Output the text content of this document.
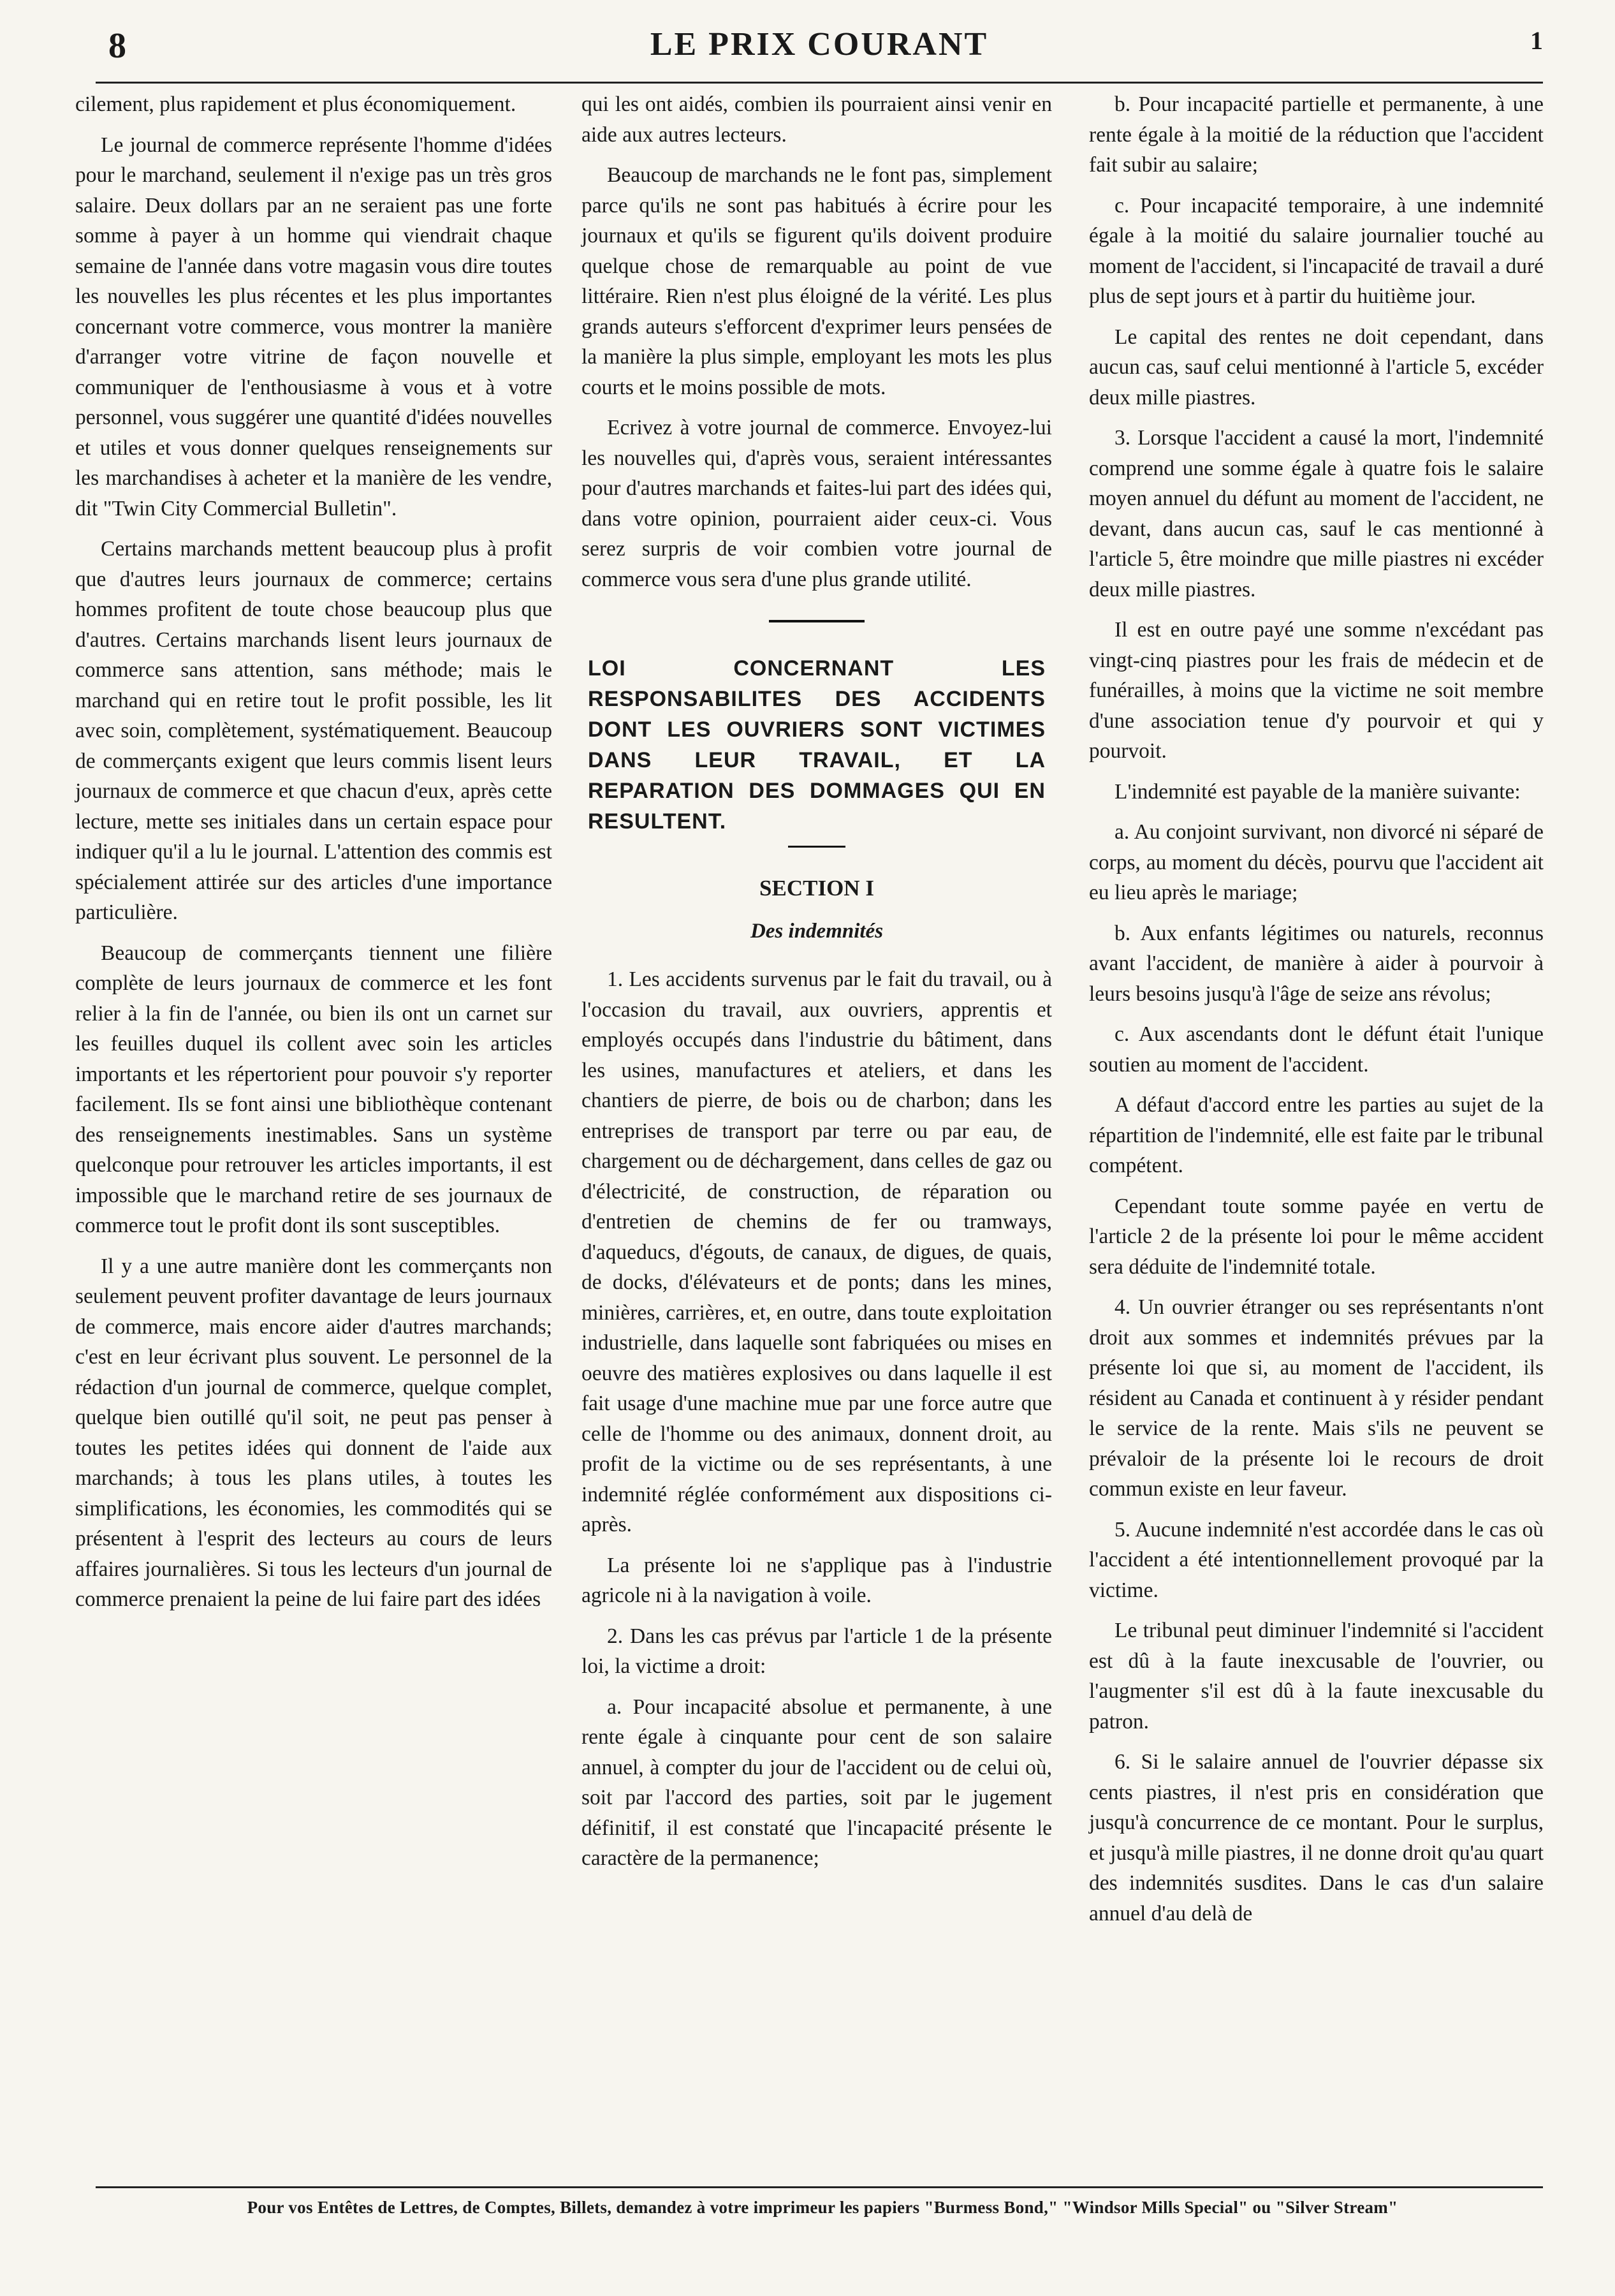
8	LE PRIX COURANT	1

cilement, plus rapidement et plus économiquement.

Le journal de commerce représente l'homme d'idées pour le marchand, seulement il n'exige pas un très gros salaire. Deux dollars par an ne seraient pas une forte somme à payer à un homme qui viendrait chaque semaine de l'année dans votre magasin vous dire toutes les nouvelles les plus récentes et les plus importantes concernant votre commerce, vous montrer la manière d'arranger votre vitrine de façon nouvelle et communiquer de l'enthousiasme à vous et à votre personnel, vous suggérer une quantité d'idées nouvelles et utiles et vous donner quelques renseignements sur les marchandises à acheter et la manière de les vendre, dit "Twin City Commercial Bulletin".

Certains marchands mettent beaucoup plus à profit que d'autres leurs journaux de commerce; certains hommes profitent de toute chose beaucoup plus que d'autres. Certains marchands lisent leurs journaux de commerce sans attention, sans méthode; mais le marchand qui en retire tout le profit possible, les lit avec soin, complètement, systématiquement. Beaucoup de commerçants exigent que leurs commis lisent leurs journaux de commerce et que chacun d'eux, après cette lecture, mette ses initiales dans un certain espace pour indiquer qu'il a lu le journal. L'attention des commis est spécialement attirée sur des articles d'une importance particulière.

Beaucoup de commerçants tiennent une filière complète de leurs journaux de commerce et les font relier à la fin de l'année, ou bien ils ont un carnet sur les feuilles duquel ils collent avec soin les articles importants et les répertorient pour pouvoir s'y reporter facilement. Ils se font ainsi une bibliothèque contenant des renseignements inestimables. Sans un système quelconque pour retrouver les articles importants, il est impossible que le marchand retire de ses journaux de commerce tout le profit dont ils sont susceptibles.

Il y a une autre manière dont les commerçants non seulement peuvent profiter davantage de leurs journaux de commerce, mais encore aider d'autres marchands; c'est en leur écrivant plus souvent. Le personnel de la rédaction d'un journal de commerce, quelque complet, quelque bien outillé qu'il soit, ne peut pas penser à toutes les petites idées qui donnent de l'aide aux marchands; à tous les plans utiles, à toutes les simplifications, les économies, les commodités qui se présentent à l'esprit des lecteurs au cours de leurs affaires journalières. Si tous les lecteurs d'un journal de commerce prenaient la peine de lui faire part des idées

qui les ont aidés, combien ils pourraient ainsi venir en aide aux autres lecteurs.

Beaucoup de marchands ne le font pas, simplement parce qu'ils ne sont pas habitués à écrire pour les journaux et qu'ils se figurent qu'ils doivent produire quelque chose de remarquable au point de vue littéraire. Rien n'est plus éloigné de la vérité. Les plus grands auteurs s'efforcent d'exprimer leurs pensées de la manière la plus simple, employant les mots les plus courts et le moins possible de mots.

Ecrivez à votre journal de commerce. Envoyez-lui les nouvelles qui, d'après vous, seraient intéressantes pour d'autres marchands et faites-lui part des idées qui, dans votre opinion, pourraient aider ceux-ci. Vous serez surpris de voir combien votre journal de commerce vous sera d'une plus grande utilité.

LOI CONCERNANT LES RESPONSABILITES DES ACCIDENTS DONT LES OUVRIERS SONT VICTIMES DANS LEUR TRAVAIL, ET LA REPARATION DES DOMMAGES QUI EN RESULTENT.
SECTION I
Des indemnités

1. Les accidents survenus par le fait du travail, ou à l'occasion du travail, aux ouvriers, apprentis et employés occupés dans l'industrie du bâtiment, dans les usines, manufactures et ateliers, et dans les chantiers de pierre, de bois ou de charbon; dans les entreprises de transport par terre ou par eau, de chargement ou de déchargement, dans celles de gaz ou d'électricité, de construction, de réparation ou d'entretien de chemins de fer ou tramways, d'aqueducs, d'égouts, de canaux, de digues, de quais, de docks, d'élévateurs et de ponts; dans les mines, minières, carrières, et, en outre, dans toute exploitation industrielle, dans laquelle sont fabriquées ou mises en oeuvre des matières explosives ou dans laquelle il est fait usage d'une machine mue par une force autre que celle de l'homme ou des animaux, donnent droit, au profit de la victime ou de ses représentants, à une indemnité réglée conformément aux dispositions ci-après.

La présente loi ne s'applique pas à l'industrie agricole ni à la navigation à voile.

2. Dans les cas prévus par l'article 1 de la présente loi, la victime a droit:

a. Pour incapacité absolue et permanente, à une rente égale à cinquante pour cent de son salaire annuel, à compter du jour de l'accident ou de celui où, soit par l'accord des parties, soit par le jugement définitif, il est constaté que l'incapacité présente le caractère de la permanence;

b. Pour incapacité partielle et permanente, à une rente égale à la moitié de la réduction que l'accident fait subir au salaire;

c. Pour incapacité temporaire, à une indemnité égale à la moitié du salaire journalier touché au moment de l'accident, si l'incapacité de travail a duré plus de sept jours et à partir du huitième jour.

Le capital des rentes ne doit cependant, dans aucun cas, sauf celui mentionné à l'article 5, excéder deux mille piastres.

3. Lorsque l'accident a causé la mort, l'indemnité comprend une somme égale à quatre fois le salaire moyen annuel du défunt au moment de l'accident, ne devant, dans aucun cas, sauf le cas mentionné à l'article 5, être moindre que mille piastres ni excéder deux mille piastres.

Il est en outre payé une somme n'excédant pas vingt-cinq piastres pour les frais de médecin et de funérailles, à moins que la victime ne soit membre d'une association tenue d'y pourvoir et qui y pourvoit.

L'indemnité est payable de la manière suivante:

a. Au conjoint survivant, non divorcé ni séparé de corps, au moment du décès, pourvu que l'accident ait eu lieu après le mariage;

b. Aux enfants légitimes ou naturels, reconnus avant l'accident, de manière à aider à pourvoir à leurs besoins jusqu'à l'âge de seize ans révolus;

c. Aux ascendants dont le défunt était l'unique soutien au moment de l'accident.

A défaut d'accord entre les parties au sujet de la répartition de l'indemnité, elle est faite par le tribunal compétent.

Cependant toute somme payée en vertu de l'article 2 de la présente loi pour le même accident sera déduite de l'indemnité totale.

4. Un ouvrier étranger ou ses représentants n'ont droit aux sommes et indemnités prévues par la présente loi que si, au moment de l'accident, ils résident au Canada et continuent à y résider pendant le service de la rente. Mais s'ils ne peuvent se prévaloir de la présente loi le recours de droit commun existe en leur faveur.

5. Aucune indemnité n'est accordée dans le cas où l'accident a été intentionnellement provoqué par la victime.

Le tribunal peut diminuer l'indemnité si l'accident est dû à la faute inexcusable de l'ouvrier, ou l'augmenter s'il est dû à la faute inexcusable du patron.

6. Si le salaire annuel de l'ouvrier dépasse six cents piastres, il n'est pris en considération que jusqu'à concurrence de ce montant. Pour le surplus, et jusqu'à mille piastres, il ne donne droit qu'au quart des indemnités susdites. Dans le cas d'un salaire annuel d'au delà de

Pour vos Entêtes de Lettres, de Comptes, Billets, demandez à votre imprimeur les papiers "Burmess Bond," "Windsor Mills Special" ou "Silver Stream"
